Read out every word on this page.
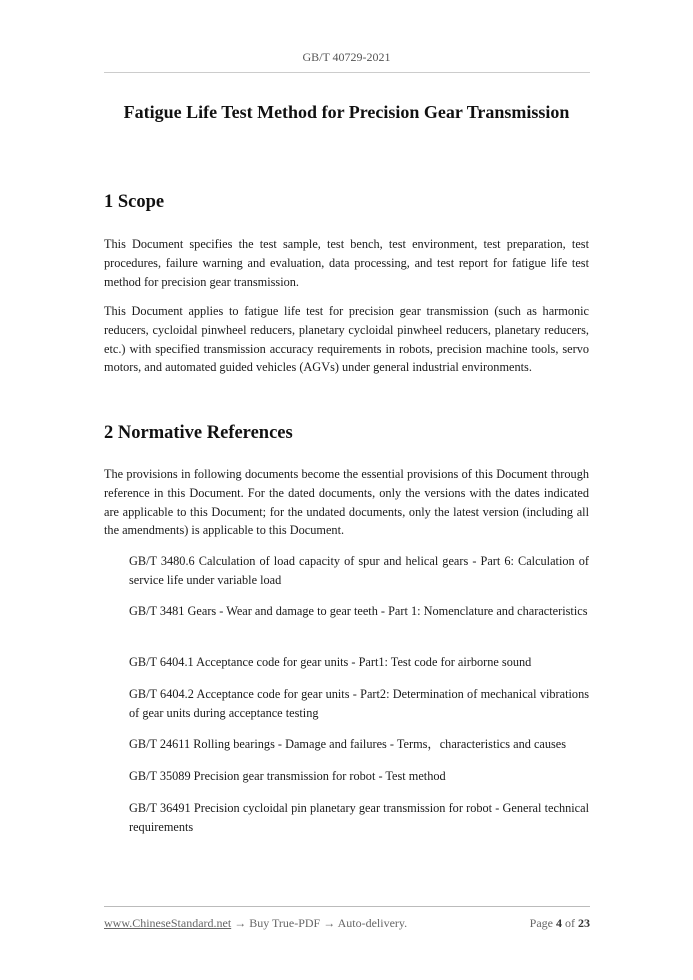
GB/T 40729-2021
Fatigue Life Test Method for Precision Gear Transmission
1 Scope

This Document specifies the test sample, test bench, test environment, test preparation, test procedures, failure warning and evaluation, data processing, and test report for fatigue life test method for precision gear transmission.

This Document applies to fatigue life test for precision gear transmission (such as harmonic reducers, cycloidal pinwheel reducers, planetary cycloidal pinwheel reducers, planetary reducers, etc.) with specified transmission accuracy requirements in robots, precision machine tools, servo motors, and automated guided vehicles (AGVs) under general industrial environments.

2 Normative References

The provisions in following documents become the essential provisions of this Document through reference in this Document. For the dated documents, only the versions with the dates indicated are applicable to this Document; for the undated documents, only the latest version (including all the amendments) is applicable to this Document.

GB/T 3480.6 Calculation of load capacity of spur and helical gears - Part 6: Calculation of service life under variable load

GB/T 3481 Gears - Wear and damage to gear teeth - Part 1: Nomenclature and characteristics

GB/T 6404.1 Acceptance code for gear units - Part1: Test code for airborne sound

GB/T 6404.2 Acceptance code for gear units - Part2: Determination of mechanical vibrations of gear units during acceptance testing

GB/T 24611 Rolling bearings - Damage and failures - Terms，characteristics and causes

GB/T 35089 Precision gear transmission for robot - Test method

GB/T 36491 Precision cycloidal pin planetary gear transmission for robot - General technical requirements

www.ChineseStandard.net → Buy True-PDF → Auto-delivery.	Page 4 of 23
